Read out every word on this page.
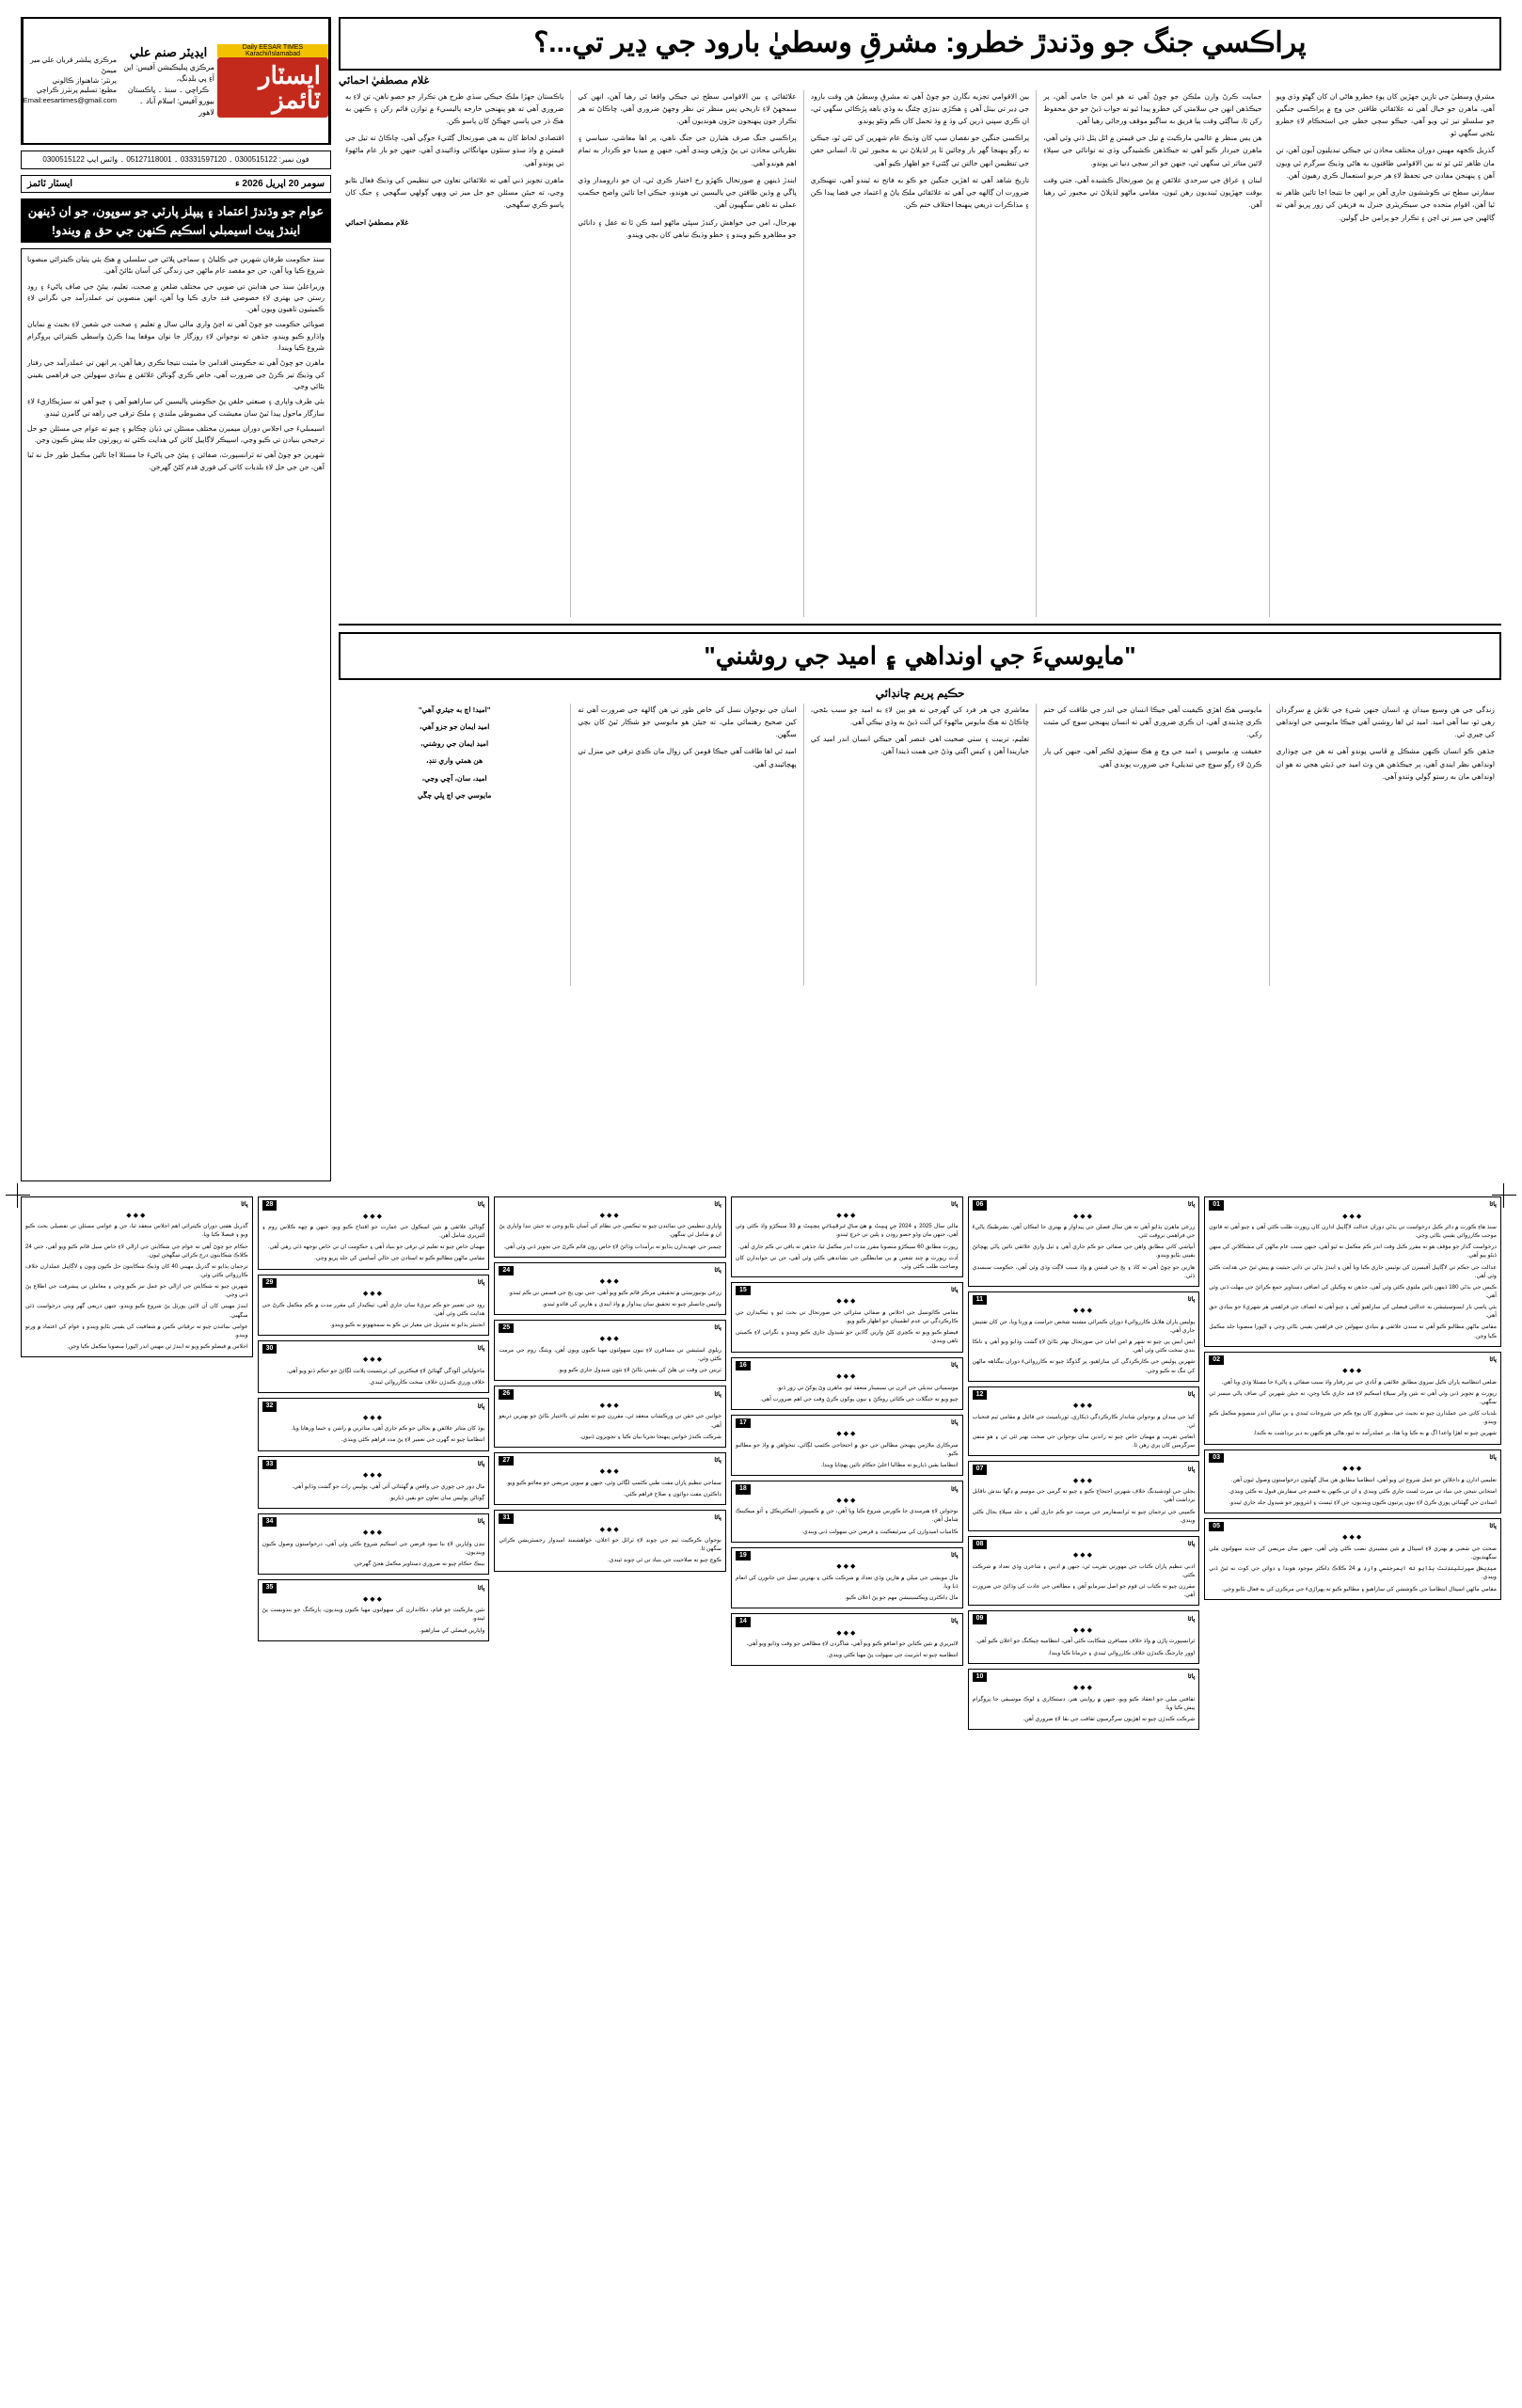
پراڪسي جنگ جو وڌندڙ خطرو: مشرقِ وسطيٰ بارود جي ڍير تي...؟
غلام مصطفيٰ احمائي

مشرقِ وسطيٰ جي تازين جهڙپن کان پوءِ خطرو هاڻي ان کان گهڻو وڌي ويو آهي، ماهرن جو خيال آهي ته علائقائي طاقتن جي وچ ۾ پراڪسي جنگين جو سلسلو تيز ٿي ويو آهي، جيڪو سڄي خطي جي استحڪام لاءِ خطرو بڻجي سگهي ٿو.

گذريل ڪجهه مهينن دوران مختلف محاذن تي جيڪي تبديليون آيون آهن، تن مان ظاهر ٿئي ٿو ته بين الاقوامي طاقتون به هاڻي وڌيڪ سرگرم ٿي ويون آهن ۽ پنهنجن مفادن جي تحفظ لاءِ هر حربو استعمال ڪري رهيون آهن.

سفارتي سطح تي ڪوششون جاري آهن پر انهن جا نتيجا اڃا تائين ظاهر نه ٿيا آهن، اقوام متحده جي سيڪريٽري جنرل به فريقن کي زور ڀريو آهي ته ڳالهين جي ميز تي اچن ۽ تڪرار جو پرامن حل ڳولين.

حمايت ڪرڻ وارن ملڪن جو چوڻ آهي ته هو امن جا حامي آهن، پر جيڪڏهن انهن جي سلامتي کي خطرو پيدا ٿيو ته جواب ڏيڻ جو حق محفوظ رکن ٿا، ساڳئي وقت ٻيا فريق به ساڳيو موقف ورجائي رهيا آهن.

هن پس منظر ۾ عالمي مارڪيٽ ۾ تيل جي قيمتن ۾ اٿل پٿل ڏٺي وئي آهي، ماهرن خبردار ڪيو آهي ته جيڪڏهن ڪشيدگي وڌي ته توانائي جي سپلاءِ لائين متاثر ٿي سگهي ٿي، جنهن جو اثر سڄي دنيا تي پوندو.

لبنان ۽ عراق جي سرحدي علائقن ۾ پڻ صورتحال ڪشيده آهي، جتي وقت بوقت جهڙپون ٿينديون رهن ٿيون، مقامي ماڻهو لڏپلاڻ تي مجبور ٿي رهيا آهن.

بين الاقوامي تجزيه نگارن جو چوڻ آهي ته مشرقِ وسطيٰ هن وقت بارود جي ڍير تي بيٺل آهي ۽ هڪڙي ننڍڙي چڻنگ به وڏي باهه ڀڙڪائي سگهي ٿي، ان ڪري سڀني ڌرين کي وڌ ۾ وڌ تحمل کان ڪم وٺڻو پوندو.

پراڪسي جنگين جو نقصان سڀ کان وڌيڪ عام شهرين کي ٿئي ٿو، جيڪي نه رڳو پنهنجا گهر ٻار وڃائين ٿا پر لڏپلاڻ تي به مجبور ٿين ٿا، انساني حقن جي تنظيمن انهن حالتن تي ڳڻتيءَ جو اظهار ڪيو آهي.

تاريخ شاهد آهي ته اهڙين جنگين جو ڪو به فاتح نه ٿيندو آهي، تنهنڪري ضرورت ان ڳالهه جي آهي ته علائقائي ملڪ پاڻ ۾ اعتماد جي فضا پيدا ڪن ۽ مذاڪرات ذريعي پنهنجا اختلاف ختم ڪن.

علائقائي ۽ بين الاقوامي سطح تي جيڪي واقعا ٿي رهيا آهن، انهن کي سمجهڻ لاءِ تاريخي پس منظر تي نظر وجهڻ ضروري آهي، ڇاڪاڻ ته هر تڪرار جون پنهنجون جڙون هونديون آهن.

پراڪسي جنگ صرف هٿيارن جي جنگ ناهي، پر اها معاشي، سياسي ۽ نظرياتي محاذن تي پڻ وڙهي ويندي آهي، جنهن ۾ ميڊيا جو ڪردار به تمام اهم هوندو آهي.

ايندڙ ڏينهن ۾ صورتحال ڪهڙو رخ اختيار ڪري ٿي، ان جو دارومدار وڏي ڀاڱي ۾ وڏين طاقتن جي پاليسين تي هوندو، جيڪي اڃا تائين واضح حڪمتِ عملي نه ٺاهي سگهيون آهن.

بهرحال، امن جي خواهش رکندڙ سڀئي ماڻهو اميد ڪن ٿا ته عقل ۽ دانائي جو مظاهرو ڪيو ويندو ۽ خطو وڌيڪ تباهي کان بچي ويندو.

پاڪستان جهڙا ملڪ جيڪي سڌي طرح هن تڪرار جو حصو ناهن، تن لاءِ به ضروري آهي ته هو پنهنجي خارجه پاليسيءَ ۾ توازن قائم رکن ۽ ڪنهن به هڪ ڌر جي پاسي جهڪڻ کان پاسو ڪن.

اقتصادي لحاظ کان به هي صورتحال ڳڻتيءَ جوڳي آهي، ڇاڪاڻ ته تيل جي قيمتن ۾ واڌ سڌو سنئون مهانگائي وڌائيندي آهي، جنهن جو بار عام ماڻهوءَ تي پوندو آهي.

ماهرن تجويز ڏني آهي ته علائقائي تعاون جي تنظيمن کي وڌيڪ فعال بڻايو وڃي، ته جيئن مسئلن جو حل ميز تي ويهي ڳولهي سگهجي ۽ جنگ کان پاسو ڪري سگهجي.

غلام مصطفيٰ احمائي

"مايوسيءَ جي اونداهي ۽ اميد جي روشني"
حڪيم پريم چانڊائي

زندگي جي هن وسيع ميدان ۾، انسان جنهن شيءِ جي تلاش ۾ سرگردان رهي ٿو، سا آهي اميد. اميد ئي اها روشني آهي جيڪا مايوسي جي اونداهي کي چيري ٿي.

جڏهن ڪو انسان ڪنهن مشڪل ۾ ڦاسي پوندو آهي ته هن جي چوڌاري اونداهي نظر ايندي آهي، پر جيڪڏهن هن وٽ اميد جي ڏيئي هجي ته هو ان اونداهي مان به رستو ڳولي وٺندو آهي.

مايوسي هڪ اهڙي ڪيفيت آهي جيڪا انسان جي اندر جي طاقت کي ختم ڪري ڇڏيندي آهي، ان ڪري ضروري آهي ته انسان پنهنجي سوچ کي مثبت رکي.

حقيقت ۾، مايوسي ۽ اميد جي وچ ۾ هڪ سنهڙي لڪير آهي، جنهن کي پار ڪرڻ لاءِ رڳو سوچ جي تبديليءَ جي ضرورت پوندي آهي.

معاشري جي هر فرد کي گهرجي ته هو ٻين لاءِ به اميد جو سبب بڻجي، ڇاڪاڻ ته هڪ مايوس ماڻهوءَ کي آٿت ڏيڻ به وڏي نيڪي آهي.

تعليم، تربيت ۽ سٺي صحبت اهي عنصر آهن جيڪي انسان اندر اميد کي جياريندا آهن ۽ کيس اڳتي وڌڻ جي همت ڏيندا آهن.

اسان جي نوجوان نسل کي خاص طور تي هن ڳالهه جي ضرورت آهي ته کين صحيح رهنمائي ملي، ته جيئن هو مايوسي جو شڪار ٿيڻ کان بچي سگهن.

اميد ئي اها طاقت آهي جيڪا قومن کي زوال مان ڪڍي ترقي جي منزل تي پهچائيندي آهي.

"اميد! اڄ به جيئري آهي"

اميد ايمان جو جزو آهي،

اميد ايمان جي روشني،

هن همتي واري ننڊ،

اميد، سان، آڇي وڃي،

مايوسي جي اڄ ڀلي چڱي

Daily EESAR TIMES Karachi/Islamabad
ايسٽار ٽائمز
ايڊيٽر صنم علي
مرڪزي پبليڪيشن آفيس: اين آءِ پي بلڊنگ،
ڪراچي ۔ سنڌ ۔ پاڪستان
بيورو آفيس: اسلام آباد ۔ لاهور
مرڪزي پبلشر قربان علي مير ميمڻ
پرنٽر: شاهنواز ڪالوني
مطبع: تسليم پرنٽرز ڪراچي
Email:eesartimes@gmail.com
فون نمبر: 0300515122 ۔ 03331597120 ۔ 05127118001 ۔ واٽس ايپ 0300515122
سومر 20 اپريل 2026 ء
ايسٽار ٽائمز
عوام جو وڌندڙ اعتماد ۽ پيپلز پارٽي جو سوڀون، جو ان ڏينهن ايندڙ ڀيٽ اسيمبلي اسڪيم ڪنهن جي حق ۾ ويندو!

سنڌ حڪومت طرفان شهرين جي ڪلياڻ ۽ سماجي ڀلائي جي سلسلي ۾ هڪ ٻئي پٺيان ڪيترائي منصوبا شروع ڪيا ويا آهن، جن جو مقصد عام ماڻهن جي زندگي کي آسان بڻائڻ آهي.

وزيراعليٰ سنڌ جي هدايتن تي صوبي جي مختلف ضلعن ۾ صحت، تعليم، پيئڻ جي صاف پاڻيءَ ۽ روڊ رستن جي بهتري لاءِ خصوصي فنڊ جاري ڪيا ويا آهن، انهن منصوبن تي عملدرآمد جي نگراني لاءِ ڪميٽيون ٺاهيون ويون آهن.

صوبائي حڪومت جو چوڻ آهي ته اچڻ واري مالي سال ۾ تعليم ۽ صحت جي شعبن لاءِ بجيٽ ۾ نمايان واڌارو ڪيو ويندو، جڏهن ته نوجوانن لاءِ روزگار جا نوان موقعا پيدا ڪرڻ واسطي ڪيترائي پروگرام شروع ڪيا ويندا.

ماهرن جو چوڻ آهي ته حڪومتي اقدامن جا مثبت نتيجا نڪري رهيا آهن، پر انهن تي عملدرآمد جي رفتار کي وڌيڪ تيز ڪرڻ جي ضرورت آهي، خاص ڪري ڳوٺاڻن علائقن ۾ بنيادي سهولتن جي فراهمي يقيني بڻائي وڃي.

ٻئي طرف واپاري ۽ صنعتي حلقن پڻ حڪومتي پاليسين کي ساراهيو آهي ۽ چيو آهي ته سيڙپڪاريءَ لاءِ سازگار ماحول پيدا ٿيڻ سان معيشت کي مضبوطي ملندي ۽ ملڪ ترقي جي راهه تي گامزن ٿيندو.

اسيمبليءَ جي اجلاس دوران ميمبرن مختلف مسئلن تي ڌيان ڇڪايو ۽ چيو ته عوام جي مسئلن جو حل ترجيحي بنيادن تي ڪيو وڃي، اسپيڪر لاڳاپيل کاتن کي هدايت ڪئي ته رپورٽون جلد پيش ڪيون وڃن.

شهرين جو چوڻ آهي ته ٽرانسپورٽ، صفائي ۽ پيئڻ جي پاڻيءَ جا مسئلا اڃا تائين مڪمل طور حل نه ٿيا آهن، جن جي حل لاءِ بلديات کاتي کي فوري قدم کڻڻ گهرجن.

پاڻا
01
◆◆◆

سنڌ هاءِ ڪورٽ ۾ دائر ڪيل درخواست تي ٻڌڻي دوران عدالت لاڳاپيل ادارن کان رپورٽ طلب ڪئي آهي ۽ چيو آهي ته قانون موجب ڪارروائي يقيني بڻائي وڃي.

درخواست گذار جو مؤقف هو ته مقرر ڪيل وقت اندر ڪم مڪمل نه ٿيو آهي، جنهن سبب عام ماڻهن کي مشڪلاتن کي منهن ڏيڻو پيو آهي.

عدالت جي حڪم تي لاڳاپيل آفيسرن کي نوٽيس جاري ڪيا ويا آهن ۽ ايندڙ ٻڌڻي تي ذاتي حيثيت ۾ پيش ٿيڻ جي هدايت ڪئي وئي آهي.

ڪيس جي ٻڌڻي 180 ڏينهن تائين ملتوي ڪئي وئي آهي، جڏهن ته وڪيلن کي اضافي دستاويز جمع ڪرائڻ جي مهلت ڏني وئي آهي.

ٻئي پاسي بار ايسوسيئيشن به عدالتي فيصلي کي ساراهيو آهي ۽ چيو آهي ته انصاف جي فراهمي هر شهريءَ جو بنيادي حق آهي.

مقامي ماڻهن مطالبو ڪيو آهي ته سندن علائقي ۾ بنيادي سهولتن جي فراهمي يقيني بڻائي وڃي ۽ اڻپورا منصوبا جلد مڪمل ڪيا وڃن.

پاڻا
02
◆◆◆

ضلعي انتظاميه پاران ڪيل سروي مطابق علائقي ۾ آبادي جي تيز رفتار واڌ سبب صفائي ۽ پاڻيءَ جا مسئلا وڌي ويا آهن.

رپورٽ ۾ تجويز ڏني وئي آهي ته نئين واٽر سپلاءِ اسڪيم لاءِ فنڊ جاري ڪيا وڃن، ته جيئن شهرين کي صاف پاڻي ميسر ٿي سگهي.

بلديات کاتي جي عملدارن چيو ته بجيٽ جي منظوري کان پوءِ ڪم جي شروعات ٿيندي ۽ ٻن سالن اندر منصوبو مڪمل ڪيو ويندو.

شهرين چيو ته اهڙا واعدا اڳ ۾ به ڪيا ويا هئا، پر عملدرآمد نه ٿيو، هاڻي هو ڪنهن به دير برداشت نه ڪندا.

پاڻا
03
◆◆◆

تعليمي ادارن ۾ داخلائن جو عمل شروع ٿي ويو آهي، انتظاميا مطابق هن سال گهڻيون درخواستون وصول ٿيون آهن.

امتحاني نتيجن جي بنياد تي ميرٽ لسٽ جاري ڪئي ويندي ۽ ان تي ڪنهن به قسم جي سفارش قبول نه ڪئي ويندي.

استادن جي گهٽتائي پوري ڪرڻ لاءِ نيون ڀرتيون ڪيون وينديون، جن لاءِ ٽيسٽ ۽ انٽرويوز جو شيڊول جلد جاري ٿيندو.

پاڻا
05
◆◆◆

صحت جي شعبي ۾ بهتري لاءِ اسپتال ۾ نئين مشينري نصب ڪئي وئي آهي، جنهن سان مريضن کي جديد سهولتون ملي سگهنديون.

ميڊيڪل سپرنٽينڊنٽ ٻڌايو ته ايمرجنسي وارڊ ۾ 24 ڪلاڪ ڊاڪٽر موجود هوندا ۽ دوائن جي کوٽ نه ٿيڻ ڏني ويندي.

مقامي ماڻهن اسپتال انتظاميا جي ڪوششن کي ساراهيو ۽ مطالبو ڪيو ته ٻهراڙيءَ جي مرڪزن کي به فعال بڻايو وڃي.

پاڻا
06
◆◆◆

زرعي ماهرن ٻڌايو آهي ته هن سال فصلن جي پيداوار ۾ بهتري جا امڪان آهن، بشرطيڪ پاڻيءَ جي فراهمي بروقت ٿئي.

آبپاشي کاتي مطابق واهن جي صفائي جو ڪم جاري آهي ۽ ٽيل واري علائقي تائين پاڻي پهچائڻ يقيني بڻايو ويندو.

هارين جو چوڻ آهي ته کاڌ ۽ ٻج جي قيمتن ۾ واڌ سبب لاڳت وڌي وئي آهي، حڪومت سبسڊي ڏئي.

پاڻا
11
◆◆◆

پوليس پاران هلايل ڪارروائيءَ دوران ڪيترائي مشتبه شخص حراست ۾ ورتا ويا، جن کان تفتيش جاري آهي.

ايس ايس پي چيو ته شهر ۾ امن امان جي صورتحال بهتر بڻائڻ لاءِ گشت وڌايو ويو آهي ۽ ناڪا بندي سخت ڪئي وئي آهي.

شهرين پوليس جي ڪارڪردگي کي ساراهيو، پر گڏوگڏ چيو ته ڪارروائيءَ دوران بيگناهه ماڻهن کي تنگ نه ڪيو وڃي.

پاڻا
12
◆◆◆

کيڏ جي ميدان ۾ نوجوانن شاندار ڪارڪردگي ڏيکاري، ٽورنامينٽ جي فائنل ۾ مقامي ٽيم فتحياب ٿي.

انعامي تقريب ۾ مهمان خاص چيو ته راندين سان نوجوانن جي صحت بهتر ٿئي ٿي ۽ هو منفي سرگرمين کان پري رهن ٿا.

پاڻا
07
◆◆◆

بجلي جي لوڊشيڊنگ خلاف شهرين احتجاج ڪيو ۽ چيو ته گرمي جي موسم ۾ ڊگها بندش ناقابل برداشت آهي.

ڪمپني جي ترجمان چيو ته ٽرانسفارمر جي مرمت جو ڪم جاري آهي ۽ جلد سپلاءِ بحال ڪئي ويندي.

پاڻا
08
◆◆◆

ادبي تنظيم پاران ڪتاب جي مهورتي تقريب ٿي، جنهن ۾ اديبن ۽ شاعرن وڏي تعداد ۾ شرڪت ڪئي.

مقررن چيو ته ڪتاب ئي قوم جو اصل سرمايو آهن ۽ مطالعي جي عادت کي وڌائڻ جي ضرورت آهي.

پاڻا
09
◆◆◆

ٽرانسپورٽ ڀاڙن ۾ واڌ خلاف مسافرن شڪايت ڪئي آهي، انتظاميه چيڪنگ جو اعلان ڪيو آهي.

اوور چارجنگ ڪندڙن خلاف ڪارروائي ٿيندي ۽ جرمانا ڪيا ويندا.

پاڻا
10
◆◆◆

ثقافتي ميلي جو انعقاد ڪيو ويو، جنهن ۾ روايتي هنر، دستڪاري ۽ لوڪ موسيقي جا پروگرام پيش ڪيا ويا.

شرڪت ڪندڙن چيو ته اهڙيون سرگرميون ثقافت جي بقا لاءِ ضروري آهن.

پاڻا
◆◆◆

مالي سال 2025 ۽ 2024 جي ڀيٽ ۾ هن سال ترقياتي بجيٽ ۾ 33 سيڪڙو واڌ ڪئي وئي آهي، جنهن مان وڏو حصو روڊن ۽ پلين تي خرچ ٿيندو.

رپورٽ مطابق 60 سيڪڙو منصوبا مقرر مدت اندر مڪمل ٿيا، جڏهن ته باقي تي ڪم جاري آهي.

آڊٽ رپورٽ ۾ چند شعبن ۾ بي ضابطگين جي نشاندهي ڪئي وئي آهي، جن تي جوابدارن کان وضاحت طلب ڪئي وئي.

پاڻا
15
◆◆◆

مقامي ڪائونسل جي اجلاس ۾ صفائي سٿرائي جي صورتحال تي بحث ٿيو ۽ ٺيڪيدارن جي ڪارڪردگي تي عدم اطمينان جو اظهار ڪيو ويو.

فيصلو ڪيو ويو ته ڪچري کڻڻ وارين گاڏين جو شيڊول جاري ڪيو ويندو ۽ نگراني لاءِ ڪميٽي ٺاهي ويندي.

پاڻا
16
◆◆◆

موسمياتي تبديلي جي اثرن تي سيمينار منعقد ٿيو، ماهرن وڻ پوکڻ تي زور ڏنو.

چيو ويو ته جنگلات جي ڪٽائي روڪڻ ۽ نيون پوکون ڪرڻ وقت جي اهم ضرورت آهي.

پاڻا
17
◆◆◆

سرڪاري ملازمن پنهنجن مطالبن جي حق ۾ احتجاجي ڪئمپ لڳائي، تنخواهن ۾ واڌ جو مطالبو ڪيو.

انتظاميا يقين ڏياريو ته مطالبا اعليٰ حڪام تائين پهچايا ويندا.

پاڻا
18
◆◆◆

نوجوانن لاءِ هنرمندي جا ڪورس شروع ڪيا ويا آهن، جن ۾ ڪمپيوٽر، اليڪٽريڪل ۽ آٽو ميڪينڪ شامل آهن.

ڪامياب اميدوارن کي سرٽيفڪيٽ ۽ قرضن جي سهولت ڏني ويندي.

پاڻا
19
◆◆◆

مال مويشي جي ميلي ۾ هارين وڏي تعداد ۾ شرڪت ڪئي ۽ بهترين نسل جي جانورن کي انعام ڏنا ويا.

مال ڊاڪٽرن ويڪسينيشن مهم جو پڻ اعلان ڪيو.

پاڻا
14
◆◆◆

لائبريري ۾ نئين ڪتابن جو اضافو ڪيو ويو آهي، شاگردن لاءِ مطالعي جو وقت وڌايو ويو آهي.

انتظاميه چيو ته انٽرنيٽ جي سهولت پڻ مهيا ڪئي ويندي.

پاڻا
◆◆◆

واپاري تنظيمن جي نمائندن چيو ته ٽيڪسن جي نظام کي آسان بڻايو وڃي ته جيئن ننڍا واپاري پڻ ان ۾ شامل ٿي سگهن.

چيمبر جي عهديدارن ٻڌايو ته برآمدات وڌائڻ لاءِ خاص زون قائم ڪرڻ جي تجويز ڏني وئي آهي.

پاڻا
24
◆◆◆

زرعي يونيورسٽي ۾ تحقيقي مرڪز قائم ڪيو ويو آهي، جتي نون ٻج جي قسمن تي ڪم ٿيندو.

وائيس چانسلر چيو ته تحقيق سان پيداوار ۾ واڌ ايندي ۽ هارين کي فائدو ٿيندو.

پاڻا
25
◆◆◆

ريلوي اسٽيشن تي مسافرن لاءِ نيون سهولتون مهيا ڪيون ويون آهن، ويٽنگ روم جي مرمت ڪئي وئي.

ٽرينن جي وقت تي هلڻ کي يقيني بڻائڻ لاءِ نئون شيڊول جاري ڪيو ويو.

پاڻا
26
◆◆◆

خواتين جي حقن تي ورڪشاپ منعقد ٿي، مقررن چيو ته تعليم ئي بااختيار بڻائڻ جو بهترين ذريعو آهي.

شرڪت ڪندڙ خواتين پنهنجا تجربا بيان ڪيا ۽ تجويزون ڏنيون.

پاڻا
27
◆◆◆

سماجي تنظيم پاران مفت طبي ڪئمپ لڳائي وئي، جنهن ۾ سوين مريضن جو معائنو ڪيو ويو.

ڊاڪٽرن مفت دوائون ۽ صلاح فراهم ڪئي.

پاڻا
31
◆◆◆

نوجوان ڪرڪيٽ ٽيم جي چونڊ لاءِ ٽرائل جو اعلان، خواهشمند اميدوار رجسٽريشن ڪرائي سگهن ٿا.

ڪوچ چيو ته صلاحيت جي بنياد تي ئي چونڊ ٿيندي.

پاڻا
28
◆◆◆

ڳوٺاڻي علائقي ۾ نئين اسڪول جي عمارت جو افتتاح ڪيو ويو، جنهن ۾ ڇهه ڪلاس روم ۽ لئبريري شامل آهن.

مهمان خاص چيو ته تعليم ئي ترقي جو بنياد آهي ۽ حڪومت ان تي خاص توجهه ڏئي رهي آهي.

مقامي ماڻهن مطالبو ڪيو ته استادن جي خالي آسامين کي جلد ڀريو وڃي.

پاڻا
29
◆◆◆

روڊ جي تعمير جو ڪم تيزيءَ سان جاري آهي، ٺيڪيدار کي مقرر مدت ۾ ڪم مڪمل ڪرڻ جي هدايت ڪئي وئي آهي.

انجنيئر ٻڌايو ته مٽيريل جي معيار تي ڪو به سمجهوتو نه ڪيو ويندو.

پاڻا
30
◆◆◆

ماحولياتي آلودگي گهٽائڻ لاءِ فيڪٽرين کي ٽريٽمينٽ پلانٽ لڳائڻ جو حڪم ڏنو ويو آهي.

خلاف ورزي ڪندڙن خلاف سخت ڪارروائي ٿيندي.

پاڻا
32
◆◆◆

ٻوڏ کان متاثر علائقن ۾ بحالي جو ڪم جاري آهي، متاثرين ۾ راشن ۽ خيما ورهايا ويا.

انتظاميا چيو ته گهرن جي تعمير لاءِ پڻ مدد فراهم ڪئي ويندي.

پاڻا
33
◆◆◆

مال ڍور جي چوري جي واقعن ۾ گهٽتائي آئي آهي، پوليس رات جو گشت وڌايو آهي.

ڳوٺاڻن پوليس سان تعاون جو يقين ڏياريو.

پاڻا
34
◆◆◆

ننڍن واپارين لاءِ بنا سود قرضن جي اسڪيم شروع ڪئي وئي آهي، درخواستون وصول ڪيون وينديون.

بينڪ حڪام چيو ته ضروري دستاويز مڪمل هجڻ گهرجن.

پاڻا
35
◆◆◆

نئين مارڪيٽ جو قيام، دڪاندارن کي سهولتون مهيا ڪيون وينديون، پارڪنگ جو بندوبست پڻ ٿيندو.

واپارين فيصلي کي ساراهيو.

پاڻا
◆◆◆

گذريل هفتي دوران ڪيترائي اهم اجلاس منعقد ٿيا، جن ۾ عوامي مسئلن تي تفصيلي بحث ڪيو ويو ۽ فيصلا ڪيا ويا.

حڪام جو چوڻ آهي ته عوام جي شڪايتن جي ازالي لاءِ خاص سيل قائم ڪيو ويو آهي، جتي 24 ڪلاڪ شڪايتون درج ڪرائي سگهجن ٿيون.

ترجمان ٻڌايو ته گذريل مهيني 40 کان وڌيڪ شڪايتون حل ڪيون ويون ۽ لاڳاپيل عملدارن خلاف ڪارروائي ڪئي وئي.

شهرين چيو ته شڪايتن جي ازالي جو عمل تيز ڪيو وڃي ۽ معاملن تي پيشرفت جي اطلاع پڻ ڏني وڃي.

ايندڙ مهيني کان آن لائين پورٽل پڻ شروع ڪيو ويندو، جنهن ذريعي گهر ويٺي درخواست ڏئي سگهبي.

عوامي نمائندن چيو ته ترقياتي ڪمن ۾ شفافيت کي يقيني بڻايو ويندو ۽ عوام کي اعتماد ۾ ورتو ويندو.

اجلاس ۾ فيصلو ڪيو ويو ته ايندڙ ٽن مهينن اندر اڻپورا منصوبا مڪمل ڪيا وڃن.
